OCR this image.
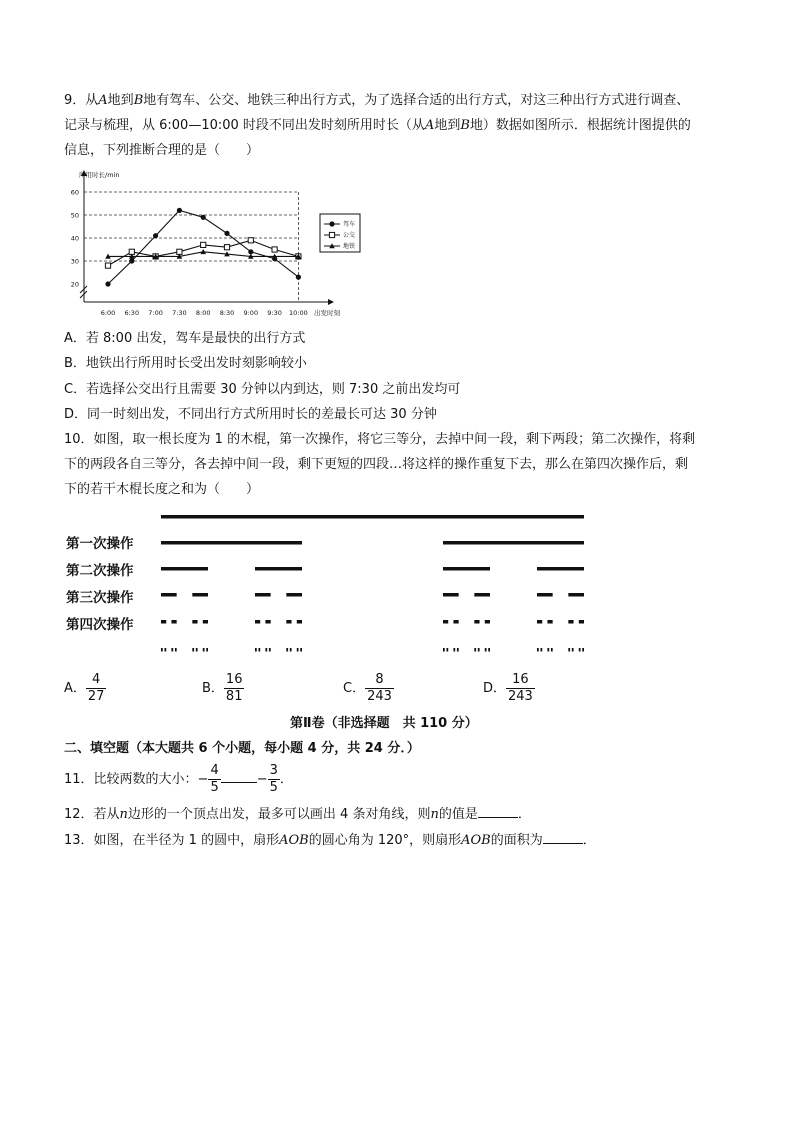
9．从A地到B地有驾车、公交、地铁三种出行方式，为了选择合适的出行方式，对这三种出行方式进行调查、
记录与梳理，从 6:00—10:00 时段不同出发时刻所用时长（从A地到B地）数据如图所示．根据统计图提供的
信息，下列推断合理的是（　　）
20
30
40
50
60
6:00 6:30 7:00 7:30 8:00 8:30 9:00 9:30 10:00
驾车
公交
地铁
所用时长/min
出发时刻
A．若 8:00 出发，驾车是最快的出行方式
B．地铁出行所用时长受出发时刻影响较小
C．若选择公交出行且需要 30 分钟以内到达，则 7:30 之前出发均可
D．同一时刻出发，不同出行方式所用时长的差最长可达 30 分钟
10．如图，取一根长度为 1 的木棍，第一次操作，将它三等分，去掉中间一段，剩下两段；第二次操作，将剩
下的两段各自三等分，各去掉中间一段，剩下更短的四段…将这样的操作重复下去，那么在第四次操作后，剩
下的若干木棍长度之和为（　　）
第一次操作
第二次操作
第三次操作
第四次操作
A． $\frac{4}{27}$	B． $\frac{16}{81}$	C． $\frac{8}{243}$	D． $\frac{16}{243}$
第Ⅱ卷（非选择题　共 110 分）
二、填空题（本大题共 6 个小题，每小题 4 分，共 24 分．）
11．比较两数的大小：− $\frac{4}{5}$	− $\frac{3}{5}$ ．
12．若从n边形的一个顶点出发，最多可以画出 4 条对角线，则n的值是	．
13．如图，在半径为 1 的圆中，扇形AOB的圆心角为 120°，则扇形AOB的面积为	．
